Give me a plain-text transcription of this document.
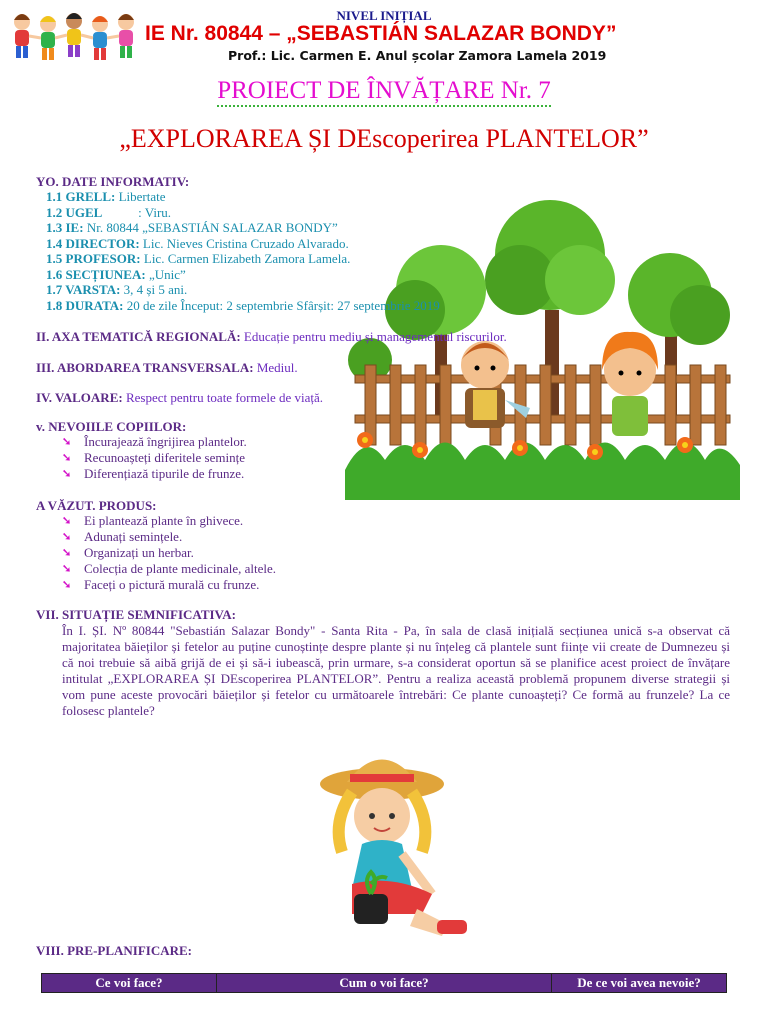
NIVEL INIȚIAL
IE Nr. 80844 – „SEBASTIÁN SALAZAR BONDY”
Prof.: Lic. Carmen E. Anul școlar Zamora Lamela 2019
PROIECT DE ÎNVĂȚARE Nr. 7
„EXPLORAREA ȘI DEscoperirea PLANTELOR”
YO. DATE INFORMATIV:
1.1 GRELL: Libertate
1.2 UGEL	: Viru.
1.3 IE: Nr. 80844 „SEBASTIÁN SALAZAR BONDY”
1.4 DIRECTOR: Lic. Nieves Cristina Cruzado Alvarado.
1.5 PROFESOR: Lic. Carmen Elizabeth Zamora Lamela.
1.6 SECȚIUNEA: „Unic”
1.7 VARSTA: 3, 4 și 5 ani.
1.8 DURATA: 20 de zile Început: 2 septembrie Sfârșit: 27 septembrie 2019
II. AXA TEMATICĂ REGIONALĂ: Educație pentru mediu și managementul riscurilor.
III. ABORDAREA TRANSVERSALA: Mediul.
IV. VALOARE: Respect pentru toate formele de viață.
v. NEVOIILE COPIILOR:
➘ Încurajează îngrijirea plantelor.
➘ Recunoașteți diferitele semințe
➘ Diferențiază tipurile de frunze.
A VĂZUT. PRODUS:
➘ Ei plantează plante în ghivece.
➘ Adunați semințele.
➘ Organizați un herbar.
➘ Colecția de plante medicinale, altele.
➘ Faceți o pictură murală cu frunze.
VII. SITUAȚIE SEMNIFICATIVA:
În I. ȘI. Nº 80844 "Sebastián Salazar Bondy" - Santa Rita - Pa, în sala de clasă inițială secțiunea unică s-a observat că majoritatea băieților și fetelor au puține cunoștințe despre plante și nu înțeleg că plantele sunt ființe vii create de Dumnezeu și că noi trebuie să aibă grijă de ei și să-i iubească, prin urmare, s-a considerat oportun să se planifice acest proiect de învățare intitulat „EXPLORAREA ȘI DEscoperirea PLANTELOR”. Pentru a realiza această problemă propunem diverse strategii și vom pune aceste provocări băieților și fetelor cu următoarele întrebări: Ce plante cunoașteți? Ce formă au frunzele? La ce folosesc plantele?
VIII. PRE-PLANIFICARE:
Ce voi face?	Cum o voi face?	De ce voi avea nevoie?
